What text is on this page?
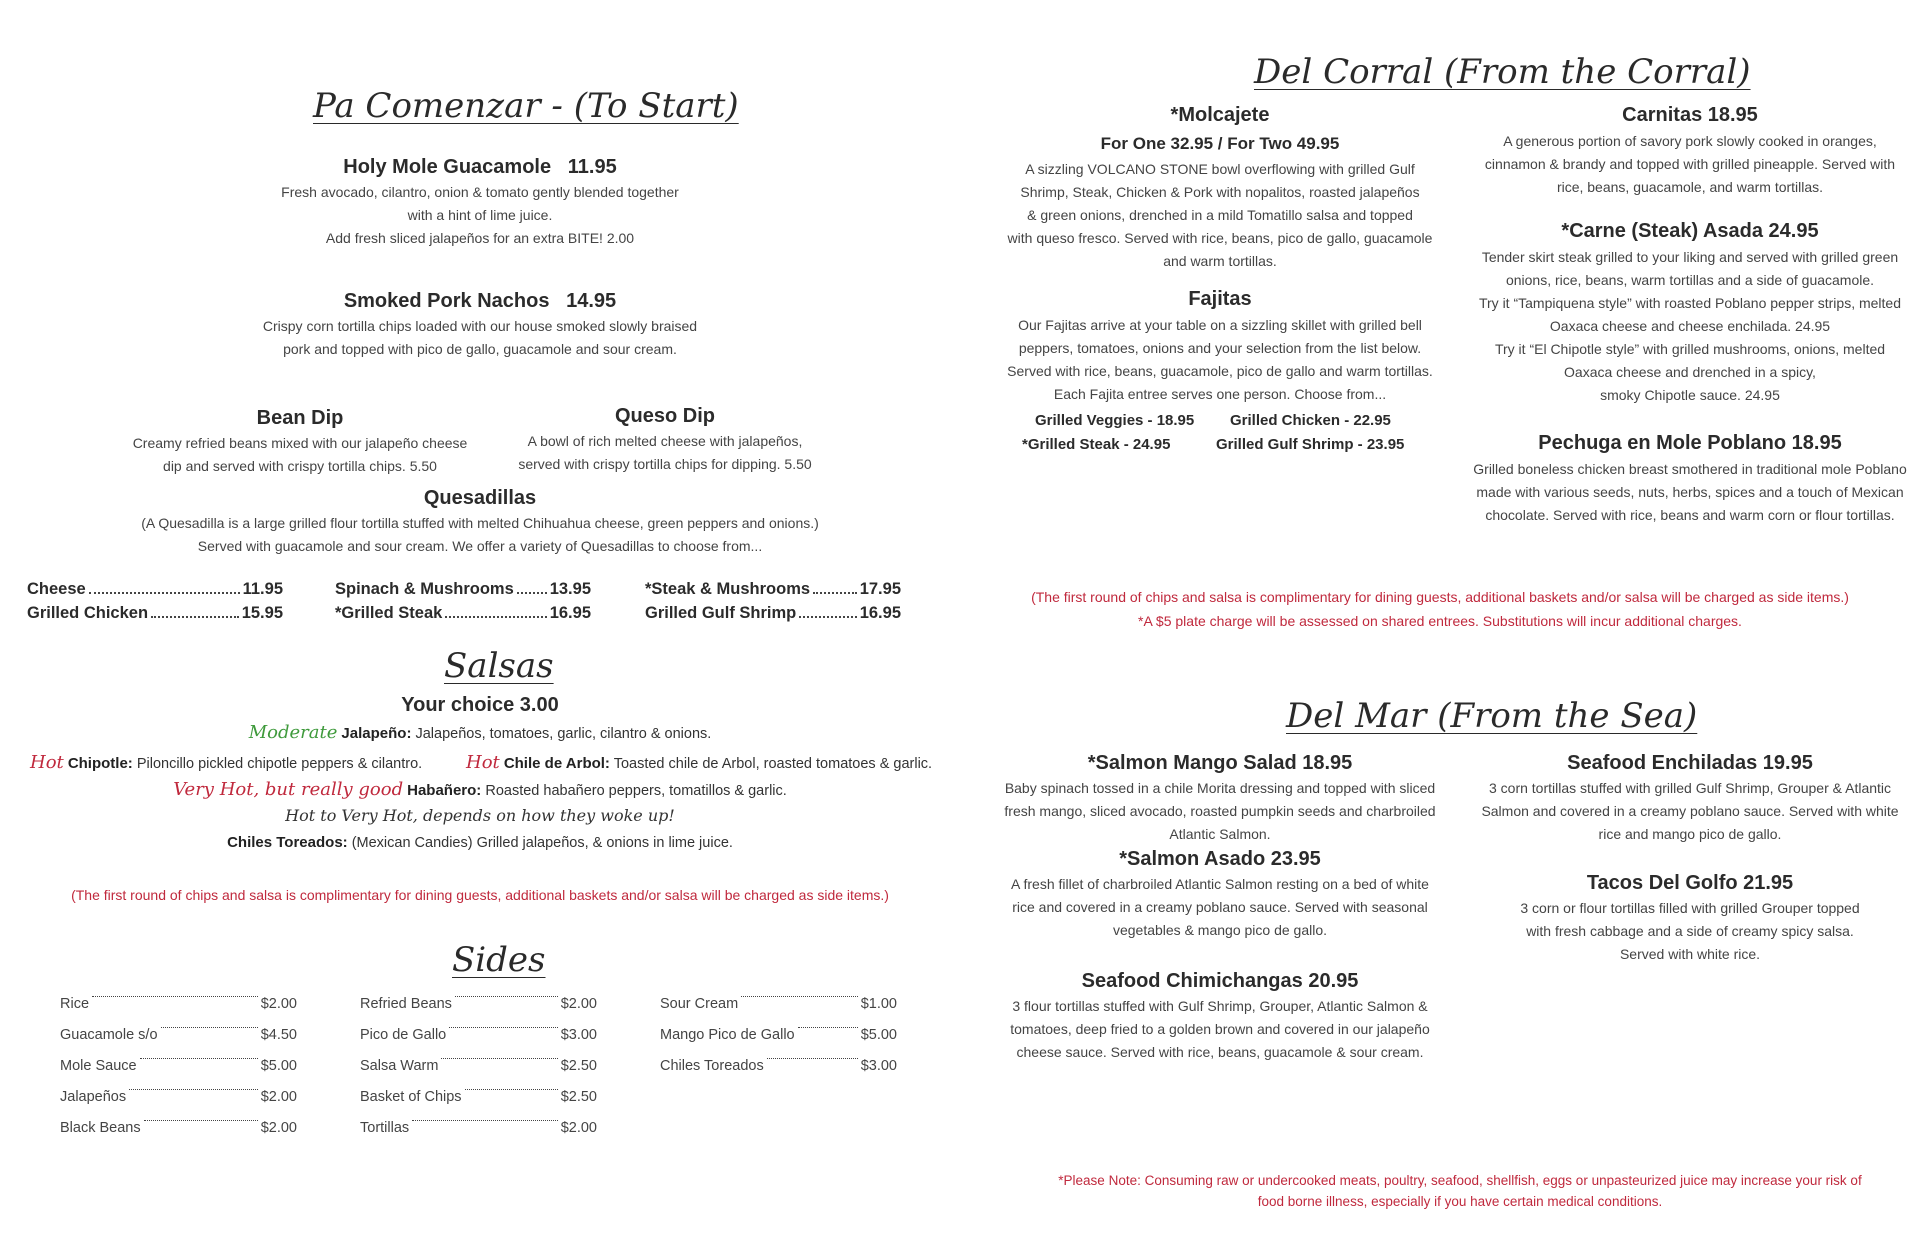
Pa Comenzar - (To Start)
Holy Mole Guacamole 11.95
Fresh avocado, cilantro, onion & tomato gently blended together
with a hint of lime juice.
Add fresh sliced jalapeños for an extra BITE! 2.00
Smoked Pork Nachos 14.95
Crispy corn tortilla chips loaded with our house smoked slowly braised
pork and topped with pico de gallo, guacamole and sour cream.
Bean Dip
Creamy refried beans mixed with our jalapeño cheese
dip and served with crispy tortilla chips. 5.50
Queso Dip
A bowl of rich melted cheese with jalapeños,
served with crispy tortilla chips for dipping. 5.50
Quesadillas
(A Quesadilla is a large grilled flour tortilla stuffed with melted Chihuahua cheese, green peppers and onions.)
Served with guacamole and sour cream. We offer a variety of Quesadillas to choose from...
Cheese	11.95
Grilled Chicken	15.95
Spinach & Mushrooms 13.95
*Grilled Steak	16.95
*Steak & Mushrooms	17.95
Grilled Gulf Shrimp	16.95
Salsas
Your choice 3.00
Moderate Jalapeño: Jalapeños, tomatoes, garlic, cilantro & onions.
Hot Chipotle: Piloncillo pickled chipotle peppers & cilantro. Hot Chile de Arbol: Toasted chile de Arbol, roasted tomatoes & garlic.
Very Hot, but really good Habañero: Roasted habañero peppers, tomatillos & garlic.
Hot to Very Hot, depends on how they woke up!
Chiles Toreados: (Mexican Candies) Grilled jalapeños, & onions in lime juice.
(The first round of chips and salsa is complimentary for dining guests, additional baskets and/or salsa will be charged as side items.)
Sides
Rice	$2.00
Guacamole s/o	$4.50
Mole Sauce	$5.00
Jalapeños	$2.00
Black Beans	$2.00
Refried Beans	$2.00
Pico de Gallo	$3.00
Salsa Warm	$2.50
Basket of Chips	$2.50
Tortillas	$2.00
Sour Cream	$1.00
Mango Pico de Gallo	$5.00
Chiles Toreados	$3.00
Del Corral (From the Corral)
*Molcajete
For One 32.95 / For Two 49.95
A sizzling VOLCANO STONE bowl overflowing with grilled Gulf
Shrimp, Steak, Chicken & Pork with nopalitos, roasted jalapeños
& green onions, drenched in a mild Tomatillo salsa and topped
with queso fresco. Served with rice, beans, pico de gallo, guacamole
and warm tortillas.
Fajitas
Our Fajitas arrive at your table on a sizzling skillet with grilled bell
peppers, tomatoes, onions and your selection from the list below.
Served with rice, beans, guacamole, pico de gallo and warm tortillas.
Each Fajita entree serves one person. Choose from...
Grilled Veggies - 18.95 Grilled Chicken - 22.95
*Grilled Steak - 24.95	Grilled Gulf Shrimp - 23.95
Carnitas 18.95
A generous portion of savory pork slowly cooked in oranges,
cinnamon & brandy and topped with grilled pineapple. Served with
rice, beans, guacamole, and warm tortillas.
*Carne (Steak) Asada 24.95
Tender skirt steak grilled to your liking and served with grilled green
onions, rice, beans, warm tortillas and a side of guacamole.
Try it “Tampiquena style” with roasted Poblano pepper strips, melted
Oaxaca cheese and cheese enchilada. 24.95
Try it “El Chipotle style” with grilled mushrooms, onions, melted
Oaxaca cheese and drenched in a spicy,
smoky Chipotle sauce. 24.95
Pechuga en Mole Poblano 18.95
Grilled boneless chicken breast smothered in traditional mole Poblano
made with various seeds, nuts, herbs, spices and a touch of Mexican
chocolate. Served with rice, beans and warm corn or flour tortillas.
(The first round of chips and salsa is complimentary for dining guests, additional baskets and/or salsa will be charged as side items.)
*A $5 plate charge will be assessed on shared entrees. Substitutions will incur additional charges.
Del Mar (From the Sea)
*Salmon Mango Salad 18.95
Baby spinach tossed in a chile Morita dressing and topped with sliced
fresh mango, sliced avocado, roasted pumpkin seeds and charbroiled
Atlantic Salmon.
*Salmon Asado 23.95
A fresh fillet of charbroiled Atlantic Salmon resting on a bed of white
rice and covered in a creamy poblano sauce. Served with seasonal
vegetables & mango pico de gallo.
Seafood Chimichangas 20.95
3 flour tortillas stuffed with Gulf Shrimp, Grouper, Atlantic Salmon &
tomatoes, deep fried to a golden brown and covered in our jalapeño
cheese sauce. Served with rice, beans, guacamole & sour cream.
Seafood Enchiladas 19.95
3 corn tortillas stuffed with grilled Gulf Shrimp, Grouper & Atlantic
Salmon and covered in a creamy poblano sauce. Served with white
rice and mango pico de gallo.
Tacos Del Golfo 21.95
3 corn or flour tortillas filled with grilled Grouper topped
with fresh cabbage and a side of creamy spicy salsa.
Served with white rice.
*Please Note: Consuming raw or undercooked meats, poultry, seafood, shellfish, eggs or unpasteurized juice may increase your risk of
food borne illness, especially if you have certain medical conditions.
